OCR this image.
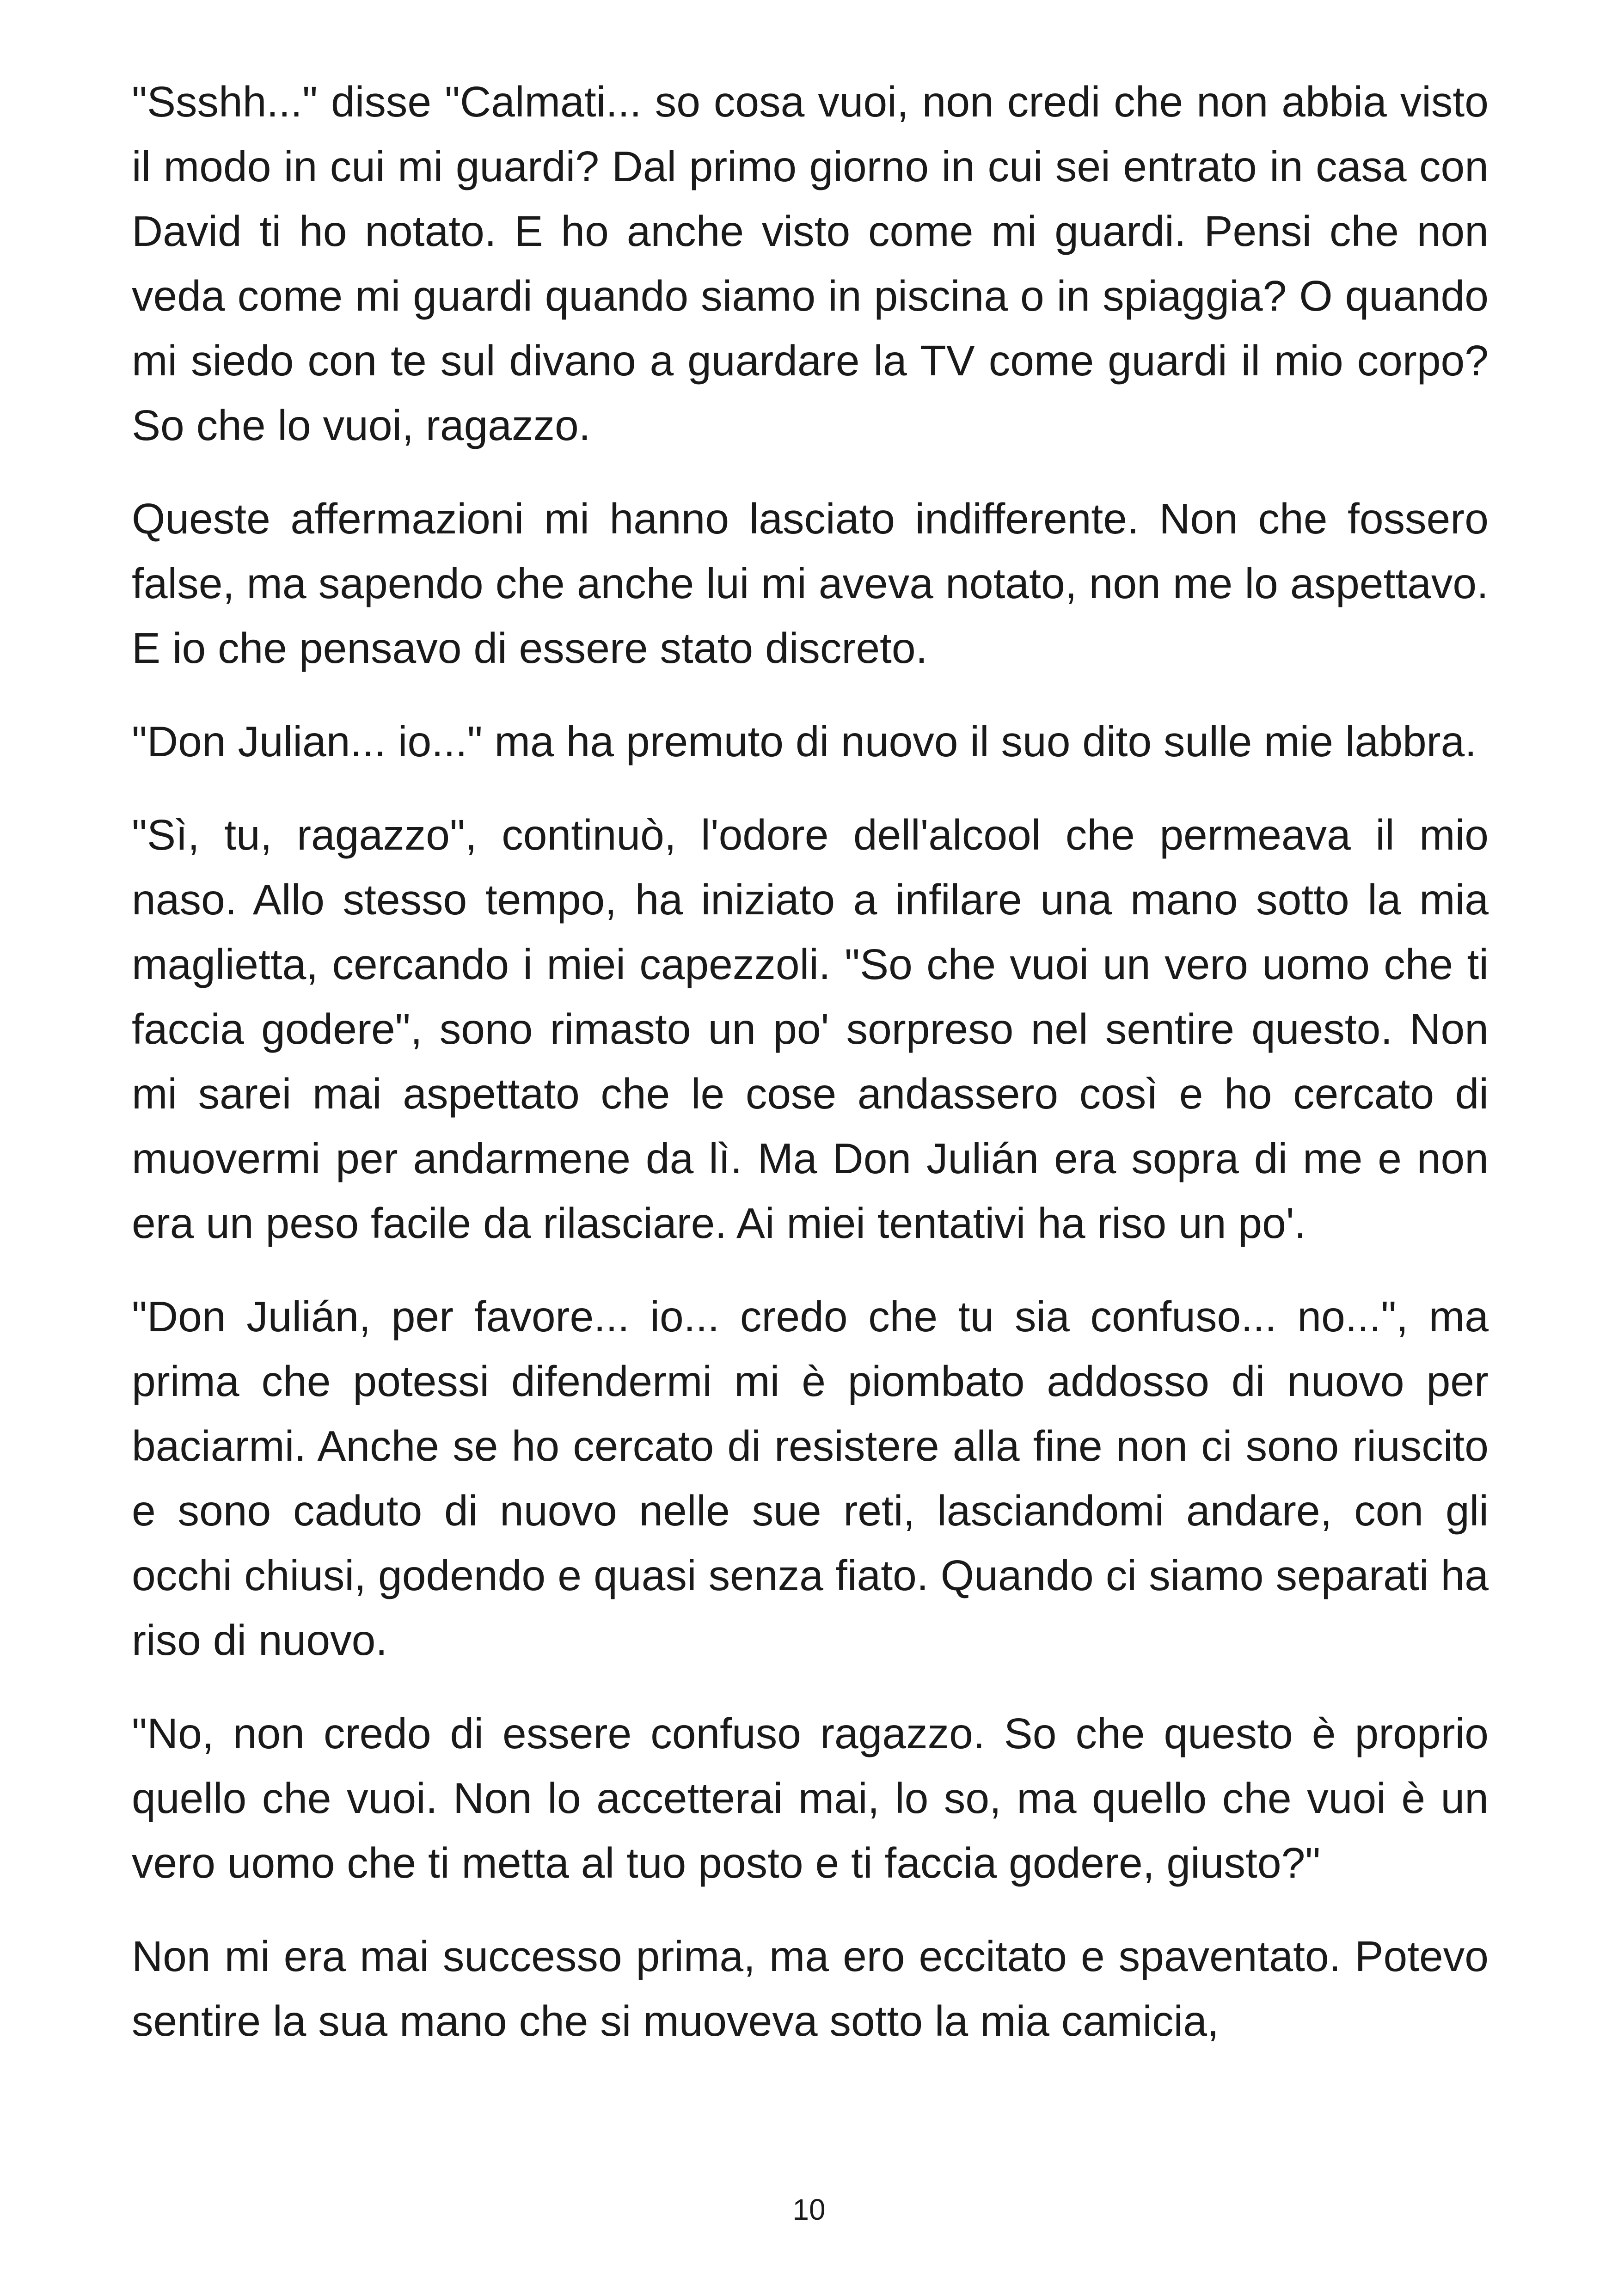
"Ssshh..." disse "Calmati... so cosa vuoi, non credi che non abbia visto il modo in cui mi guardi? Dal primo giorno in cui sei entrato in casa con David ti ho notato. E ho anche visto come mi guardi. Pensi che non veda come mi guardi quando siamo in piscina o in spiaggia? O quando mi siedo con te sul divano a guardare la TV come guardi il mio corpo? So che lo vuoi, ragazzo.

Queste affermazioni mi hanno lasciato indifferente. Non che fossero false, ma sapendo che anche lui mi aveva notato, non me lo aspettavo. E io che pensavo di essere stato discreto.

"Don Julian... io..." ma ha premuto di nuovo il suo dito sulle mie labbra.

"Sì, tu, ragazzo", continuò, l'odore dell'alcool che permeava il mio naso. Allo stesso tempo, ha iniziato a infilare una mano sotto la mia maglietta, cercando i miei capezzoli. "So che vuoi un vero uomo che ti faccia godere", sono rimasto un po' sorpreso nel sentire questo. Non mi sarei mai aspettato che le cose andassero così e ho cercato di muovermi per andarmene da lì. Ma Don Julián era sopra di me e non era un peso facile da rilasciare. Ai miei tentativi ha riso un po'.

"Don Julián, per favore... io... credo che tu sia confuso... no...", ma prima che potessi difendermi mi è piombato addosso di nuovo per baciarmi. Anche se ho cercato di resistere alla fine non ci sono riuscito e sono caduto di nuovo nelle sue reti, lasciandomi andare, con gli occhi chiusi, godendo e quasi senza fiato. Quando ci siamo separati ha riso di nuovo.

"No, non credo di essere confuso ragazzo. So che questo è proprio quello che vuoi. Non lo accetterai mai, lo so, ma quello che vuoi è un vero uomo che ti metta al tuo posto e ti faccia godere, giusto?"

Non mi era mai successo prima, ma ero eccitato e spaventato. Potevo sentire la sua mano che si muoveva sotto la mia camicia,

10
